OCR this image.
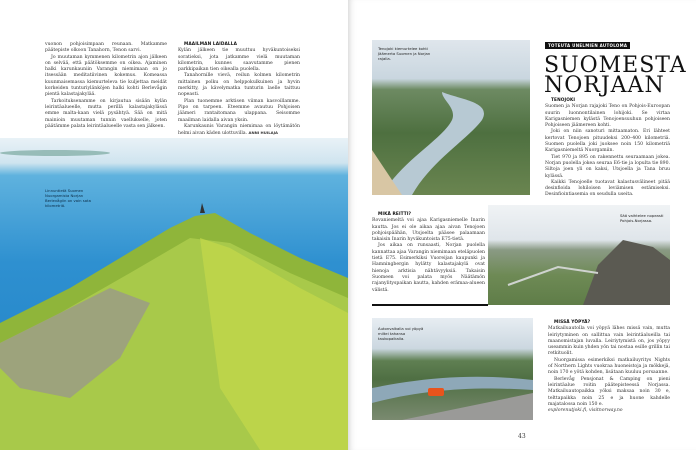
vuonon pohjoisimpaan reunaan. Matkamme päätepiste olkoon Tanahorn, Tenon sarvi.

Jo muutaman kymmenen kilometrin ajon jälkeen on selvää, että päätöksemme on oikea. Ajaminen halki karunkauniin Varangin niemimaan on jo itsessään meditatiivinen kokemus. Komeassa kuunmaisemassa kiemurteleva tie kuljettaa meidät korkeiden tunturiylänköjen halki kohti Berlevågin pientä kalastajakylää.

Tarkoituksenamme on kirjautua sisään kylän leirintäalueelle, mutta perillä kalastajakylässä emme malta-kaan vielä pysähtyä. Sää on mitä mainioin muutaman tunnin vaellukselle, joten päätämme palata leirintäalueelle vasta sen jälkeen.

MAAILMAN LAIDALLA

Kylän jälkeen tie muuttuu hyväkuntoiseksi soratieksi, jota jatkamme vielä muutaman kilometrin, kunnes saavutamme pienen parkkipaikan tien oikealla puolella.

Tanahornille vievä, reilun kolmen kilometrin mittainen polku on helppokulkuinen ja hyvin merkitty, ja kävelymatka tunturin laelle taittuu nopeasti.

Plan tuonemme arktisen viiman kasvoillamme. Pipo on tarpeen. Eteemme avautuu Pohjoisen jäämeri rantaitomana ulappana. Seisomme maailman laidalla aivan yksin.

Karunkaunis Varangin niemimaa on löytämätön helmi aivan käden ulottuvilla. ANNI HUILAJA

Linnuntietä Suomen Nuorgamista Norjan Berlevågiin on vain sata kilometriä.
Tenojoki kiemurtelee kohti Jäämerta Suomen ja Norjan rajalla.
TOTEUTA UNELMIEN AUTOLOMA
SUOMESTA
NORJAAN

TENOJOKI

Suomen ja Norjan rajajoki Teno on Pohjois-Euroopan suurin luonnontilainen lohijoki. Se virtaa Karigasniemen kylästä Tenojoensuuhun pohjoiseen Pohjoiseen jäämereen kohti.

Joki on niin sanoturi mittaamaton. Eri lähteet kertovat Tenojoen pituudeksi 200–400 kilometriä. Suomen puolella joki juoksee noin 150 kilometriä Karigasniemeltä Nuorgamiin.

Tiet 970 ja 895 on rakennettu seuraamaan jokea. Norjan puolella jokea seuraa E6-tie ja lopulta tie 890. Siltoja joen yli on kaksi, Utsjoella ja Tana bruu kylässä.

Kaikki Tenojoelle tuotavat kalastusvälineet pitää desinfioida lohiloisen leviämisen estämiseksi. Desinfiointiasemia on seudulla useita.

MIKÄ REITTI?

Rovaniemeltä voi ajaa Karigasniemelle Inarin kautta. Jos ei ole aikaa ajaa aivan Tenojoen pohjoispäähän, Utsjoelta pääsee palaamaan takaisin Inarin hyväkuntoista E75-tietä.

Jos aikaa on runsaasti, Norjan puolella kannattaa ajaa Varangin niemimaan eteläpuolen tietä E75. Esimerkiksi Vuoreijan kaupunki ja Hamningbergin hylätty kalastajakylä ovat hienoja arktisia nähtävyyksiä. Takaisin Suomeen voi palata myös Näätämön rajanylityspaikan kautta, kahden erämaa-alueen välistä.

Sää vaihtelee nopeasti Pohjois-Norjassa.
Autonvalkalla voi yöpyä miltei tahansa taukopaikalla.

MISSÄ YÖPYÄ?

Matkailuautolla voi yöpyä lähes missä vain, mutta leiriytyminen on sallittua vain leirintäalueilla tai maanomistajan luvalla. Leiriytymistä on, jos yöpyy useammin kuin yhden yön tai nostaa esille grillin tai retkituolit.

Nuorgamissa esimerkiksi matkailuyritys Nights of Northern Lights vuokraa huoneistoja ja mökkejä, noin 170 e yötä kohden, lisätaan kuuluu porsaanne.

Berlevåg Pensjonat & Camping on pieni leirintäalue roitin päätepisteessä Norjassa. Matkailuautopaikka yöksi maksaa noin 30 e, telttapaikka noin 25 e ja huone kahdelle majatalossa noin 150 e.

explorenutjoki.fi, visitnorway.no

43
